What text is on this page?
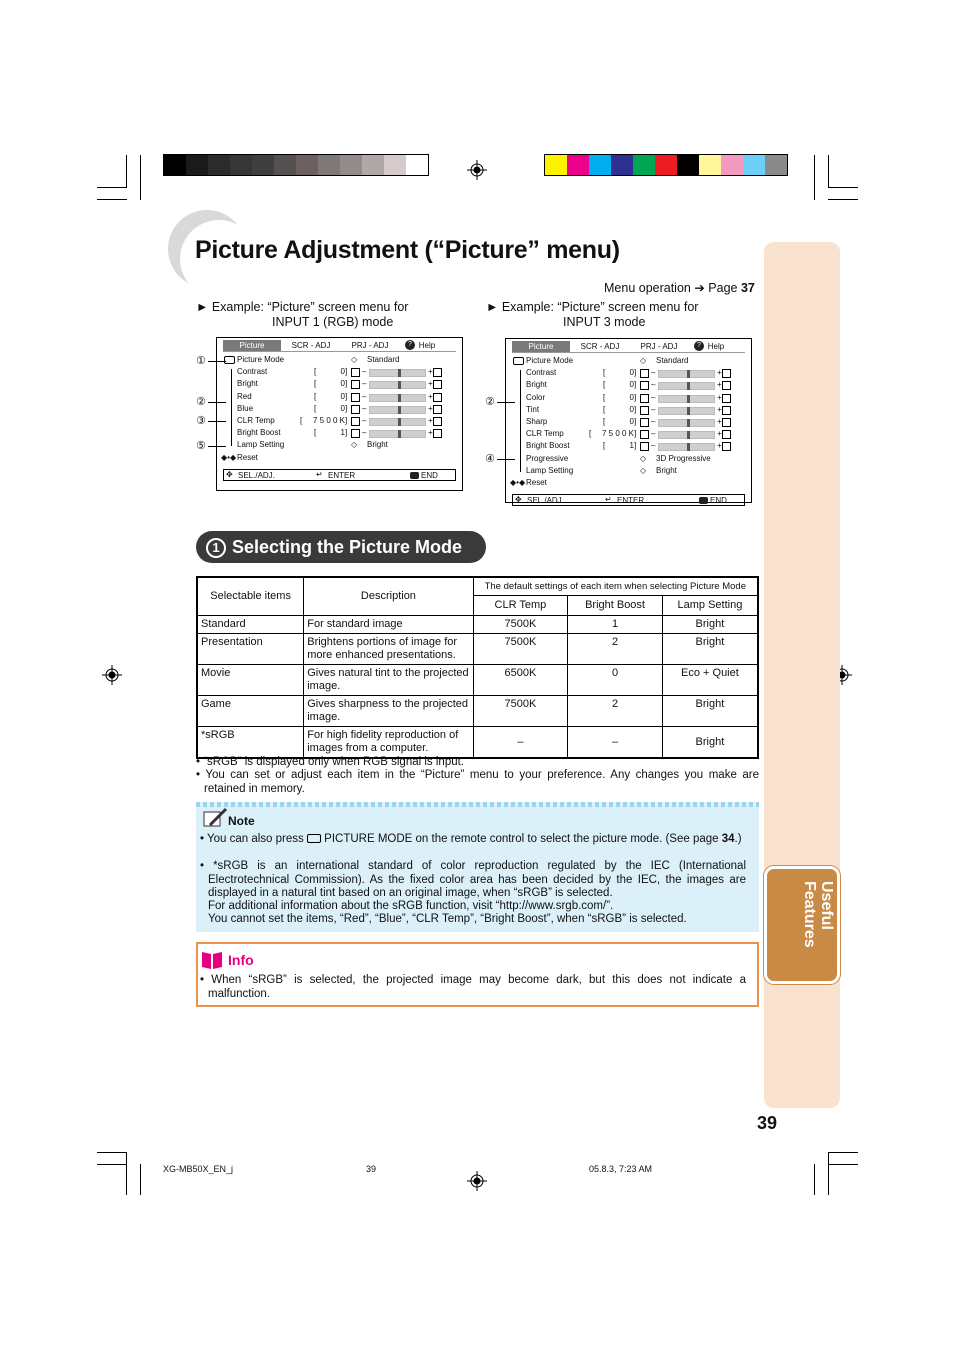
Useful
Features
Picture Adjustment (“Picture” menu)
Menu operation ➔ Page 37
► Example: “Picture” screen menu for
INPUT 1 (RGB) mode
► Example: “Picture” screen menu for
INPUT 3 mode
Picture	SCR - ADJ	PRJ - ADJ	Help
?
Picture Mode	◇ Standard
Contrast	[	0 ] –	+
Bright	[	0 ] –	+
Red	[	0 ] –	+
Blue	[	0 ] –	+
CLR Temp	[ 7 5 0 0 K ] –	+
Bright Boost	[	1 ] –	+
Lamp Setting	◇ Bright
Reset
◆•◆
✥ SEL./ADJ.	↵ ENTER	END
Picture	SCR - ADJ	PRJ - ADJ	Help
?
Picture Mode	◇ Standard
Contrast	[	0 ] –	+
Bright	[	0 ] –	+
Color	[	0 ] –	+
Tint	[	0 ] –	+
Sharp	[	0 ] –	+
CLR Temp	[ 7 5 0 0 K ] –	+
Bright Boost	[	1 ] –	+
Progressive	◇ 3D Progressive
Lamp Setting	◇ Bright
Reset
◆•◆
✥ SEL./ADJ.	↵ ENTER	END
①
②
③
⑤
②
④
1 Selecting the Picture Mode
Selectable items	Description	The default settings of each item when selecting Picture Mode		
		CLR Temp	Bright Boost	Lamp Setting
Standard	For standard image	7500K	1	Bright
Presentation	Brightens portions of image for more enhanced presentations.	7500K	2	Bright
Movie	Gives natural tint to the projected image.	6500K	0	Eco + Quiet
Game	Gives sharpness to the projected image.	7500K	2	Bright
*sRGB	For high fidelity reproduction of images from a computer.	–	–	Bright
• “sRGB” is displayed only when RGB signal is input.
• You can set or adjust each item in the “Picture” menu to your preference. Any changes you make are retained in memory.
Note
• You can also press PICTURE MODE on the remote control to select the picture mode. (See page 34.)
• *sRGB is an international standard of color reproduction regulated by the IEC (International Electrotechnical Commission). As the fixed color area has been decided by the IEC, the images are displayed in a natural tint based on an original image, when “sRGB” is selected.
For additional information about the sRGB function, visit “http://www.srgb.com/”.
You cannot set the items, “Red”, “Blue”, “CLR Temp”, “Bright Boost”, when “sRGB” is selected.
Info
• When “sRGB” is selected, the projected image may become dark, but this does not indicate a malfunction.
39
XG-MB50X_EN_j	39	05.8.3, 7:23 AM
